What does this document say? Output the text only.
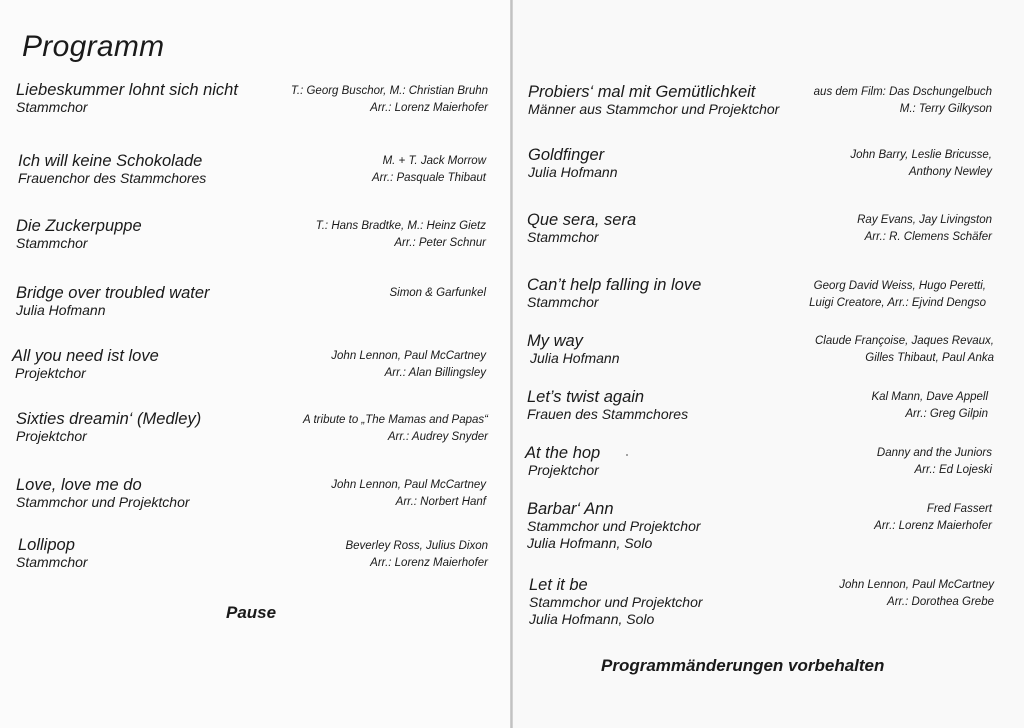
Programm
Liebeskummer lohnt sich nicht
Stammchor
T.: Georg Buschor, M.: Christian Bruhn
Arr.: Lorenz Maierhofer
Ich will keine Schokolade
Frauenchor des Stammchores
M. + T. Jack Morrow
Arr.: Pasquale Thibaut
Die Zuckerpuppe
Stammchor
T.: Hans Bradtke, M.: Heinz Gietz
Arr.: Peter Schnur
Bridge over troubled water
Julia Hofmann
Simon & Garfunkel
All you need ist love
Projektchor
John Lennon, Paul McCartney
Arr.: Alan Billingsley
Sixties dreamin‘ (Medley)
Projektchor
A tribute to „The Mamas and Papas“
Arr.: Audrey Snyder
Love, love me do
Stammchor und Projektchor
John Lennon, Paul McCartney
Arr.: Norbert Hanf
Lollipop
Stammchor
Beverley Ross, Julius Dixon
Arr.: Lorenz Maierhofer
Pause
Probiers‘ mal mit Gemütlichkeit
Männer aus Stammchor und Projektchor
aus dem Film: Das Dschungelbuch
M.: Terry Gilkyson
Goldfinger
Julia Hofmann
John Barry, Leslie Bricusse,
Anthony Newley
Que sera, sera
Stammchor
Ray Evans, Jay Livingston
Arr.: R. Clemens Schäfer
Can’t help falling in love
Stammchor
Georg David Weiss, Hugo Peretti,
Luigi Creatore, Arr.: Ejvind Dengso
My way
Julia Hofmann
Claude Françoise, Jaques Revaux,
Gilles Thibaut, Paul Anka
Let’s twist again
Frauen des Stammchores
Kal Mann, Dave Appell
Arr.: Greg Gilpin
At the hop
Projektchor
Danny and the Juniors
Arr.: Ed Lojeski
Barbar‘ Ann
Stammchor und Projektchor
Julia Hofmann, Solo
Fred Fassert
Arr.: Lorenz Maierhofer
Let it be
Stammchor und Projektchor
Julia Hofmann, Solo
John Lennon, Paul McCartney
Arr.: Dorothea Grebe
Programmänderungen vorbehalten
